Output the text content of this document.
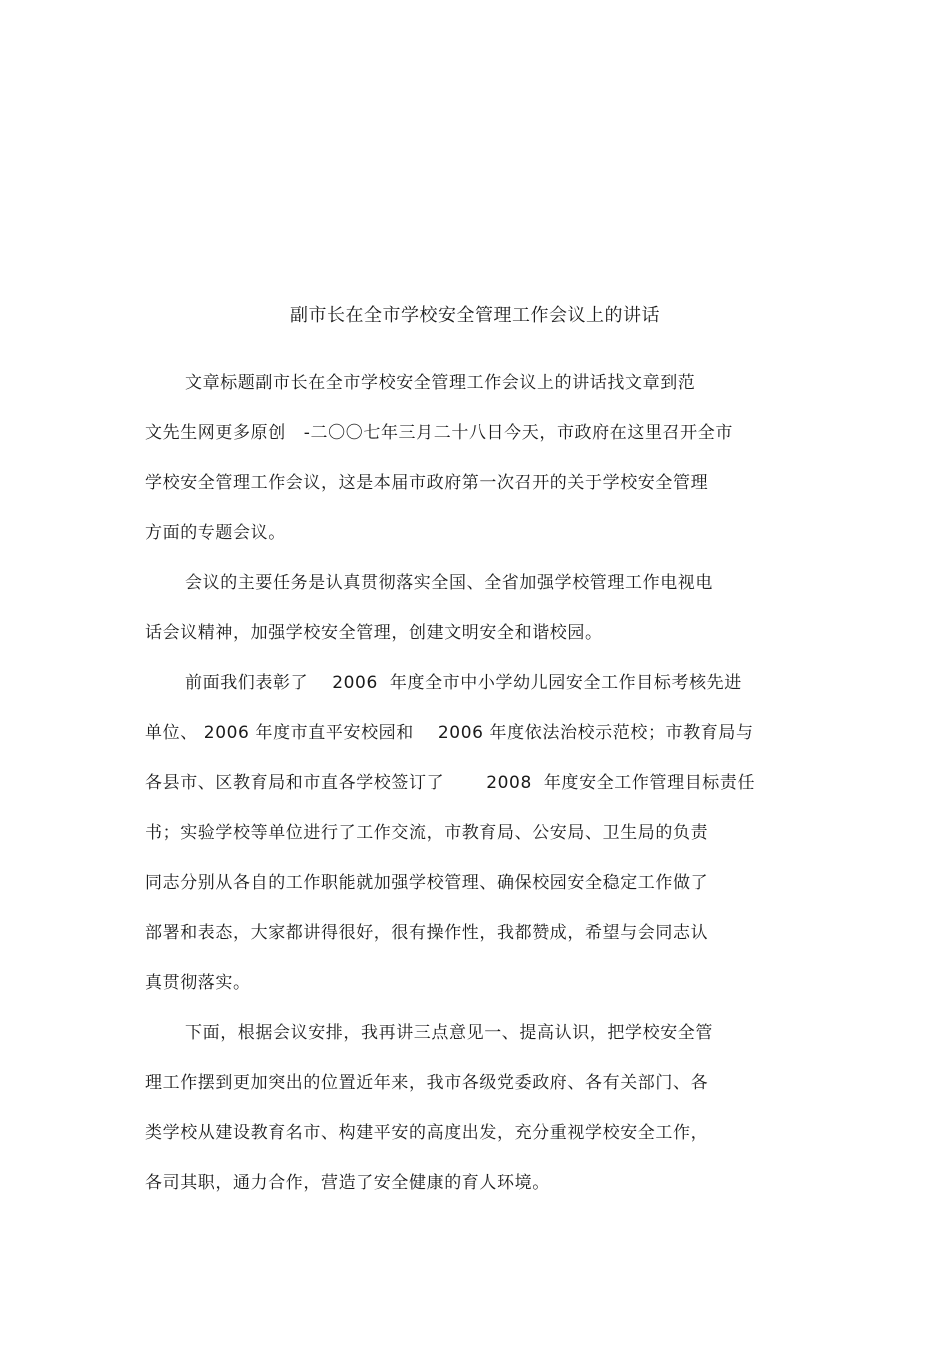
副市长在全市学校安全管理工作会议上的讲话
文章标题副市长在全市学校安全管理工作会议上的讲话找文章到范
文先生网更多原创   -二〇〇七年三月二十八日今天，市政府在这里召开全市
学校安全管理工作会议，这是本届市政府第一次召开的关于学校安全管理
方面的专题会议。
会议的主要任务是认真贯彻落实全国、全省加强学校管理工作电视电
话会议精神，加强学校安全管理，创建文明安全和谐校园。
前面我们表彰了    2006  年度全市中小学幼儿园安全工作目标考核先进
单位、 2006 年度市直平安校园和    2006 年度依法治校示范校；市教育局与
各县市、区教育局和市直各学校签订了       2008  年度安全工作管理目标责任
书；实验学校等单位进行了工作交流，市教育局、公安局、卫生局的负责
同志分别从各自的工作职能就加强学校管理、确保校园安全稳定工作做了
部署和表态，大家都讲得很好，很有操作性，我都赞成，希望与会同志认
真贯彻落实。
下面，根据会议安排，我再讲三点意见一、提高认识，把学校安全管
理工作摆到更加突出的位置近年来，我市各级党委政府、各有关部门、各
类学校从建设教育名市、构建平安的高度出发，充分重视学校安全工作，
各司其职，通力合作，营造了安全健康的育人环境。
